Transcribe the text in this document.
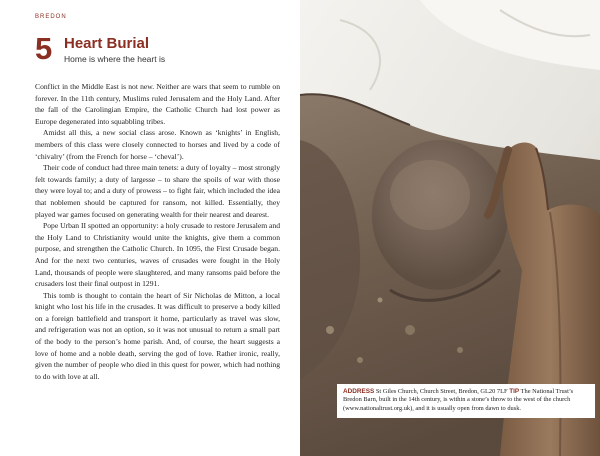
BREDON
5 Heart Burial
Home is where the heart is

Conflict in the Middle East is not new. Neither are wars that seem to rumble on forever. In the 11th century, Muslims ruled Jerusalem and the Holy Land. After the fall of the Carolingian Empire, the Catholic Church had lost power as Europe degenerated into squabbling tribes.

Amidst all this, a new social class arose. Known as ‘knights’ in English, members of this class were closely connected to horses and lived by a code of ‘chivalry’ (from the French for horse – ‘cheval’).

Their code of conduct had three main tenets: a duty of loyalty – most strongly felt towards family; a duty of largesse – to share the spoils of war with those they were loyal to; and a duty of prowess – to fight fair, which included the idea that noblemen should be captured for ransom, not killed. Essentially, they played war games focused on generating wealth for their nearest and dearest.

Pope Urban II spotted an opportunity: a holy crusade to restore Jerusalem and the Holy Land to Christianity would unite the knights, give them a common purpose, and strengthen the Catholic Church. In 1095, the First Crusade began. And for the next two centuries, waves of crusades were fought in the Holy Land, thousands of people were slaughtered, and many ransoms paid before the crusaders lost their final outpost in 1291.

This tomb is thought to contain the heart of Sir Nicholas de Mitton, a local knight who lost his life in the crusades. It was difficult to preserve a body killed on a foreign battlefield and transport it home, particularly as travel was slow, and refrigeration was not an option, so it was not unusual to return a small part of the body to the person’s home parish. And, of course, the heart suggests a love of home and a noble death, serving the god of love. Rather ironic, really, given the number of people who died in this quest for power, which had nothing to do with love at all.

ADDRESS St Giles Church, Church Street, Bredon, GL20 7LF TIP The National Trust’s Bredon Barn, built in the 14th century, is within a stone’s throw to the west of the church (www.nationaltrust.org.uk), and it is usually open from dawn to dusk.
